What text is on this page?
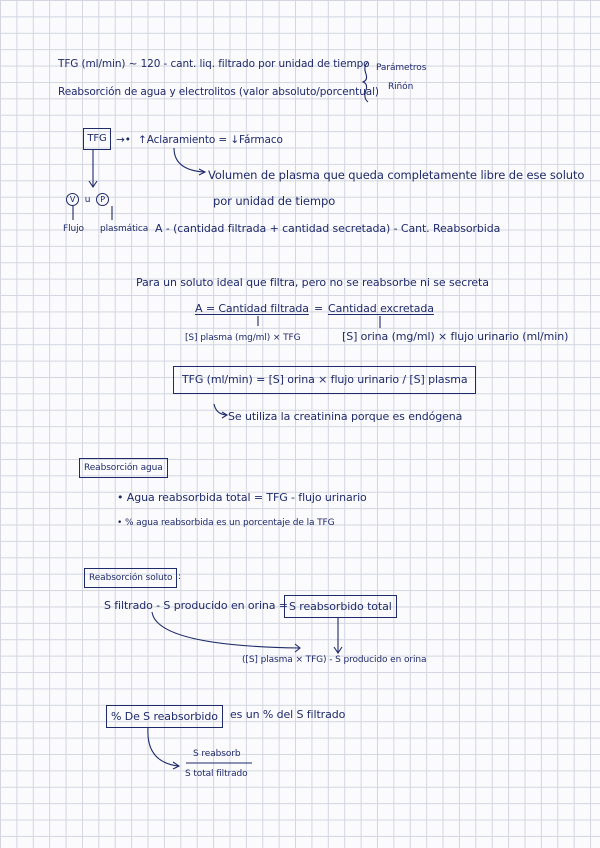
TFG (ml/min) ~ 120 - cant. liq. filtrado por unidad de tiempo
Reabsorción de agua y electrolitos (valor absoluto/porcentual)
Parámetros
Riñón
TFG →• ↑Aclaramiento = ↓Fármaco
Volumen de plasma que queda completamente libre de ese soluto
por unidad de tiempo
V u P
Flujo plasmática A - (cantidad filtrada + cantidad secretada) - Cant. Reabsorbida
Para un soluto ideal que filtra, pero no se reabsorbe ni se secreta
A = Cantidad filtrada = Cantidad excretada
[S] plasma (mg/ml) × TFG	[S] orina (mg/ml) × flujo urinario (ml/min)
TFG (ml/min) = [S] orina × flujo urinario / [S] plasma
Se utiliza la creatinina porque es endógena
Reabsorción agua
• Agua reabsorbida total = TFG - flujo urinario
• % agua reabsorbida es un porcentaje de la TFG
Reabsorción soluto :
S filtrado - S producido en orina = S reabsorbido total
([S] plasma × TFG) - S producido en orina
% De S reabsorbido	es un % del S filtrado
S reabsorb
S total filtrado
